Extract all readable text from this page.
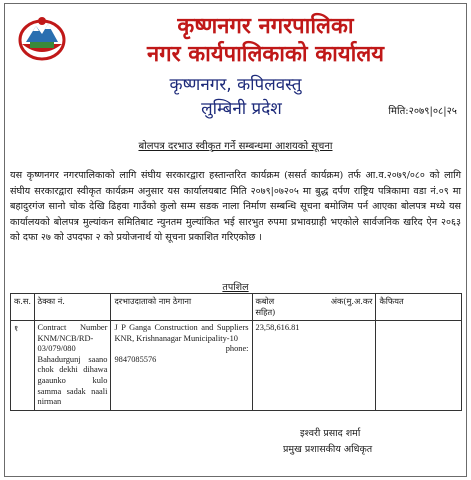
कृष्णनगर नगरपालिका
नगर कार्यपालिकाको कार्यालय
कृष्णनगर, कपिलवस्तु
लुम्बिनी प्रदेश	मिति:२०७९|०८|२५
बोलपत्र दरभाउ स्वीकृत गर्ने सम्बन्धमा आशयको सूचना

यस कृष्णनगर नगरपालिकाको लागि संघीय सरकारद्वारा हस्तान्तरित कार्यक्रम (ससर्त कार्यक्रम) तर्फ आ.व.२०७९/०८० को लागि संघीय सरकारद्वारा स्वीकृत कार्यक्रम अनुसार यस कार्यालयबाट मिति २०७९|०७२०५ मा बुद्ध दर्पण राष्ट्रिय पत्रिकामा वडा नं.०९ मा बहादुरगंज सानो चोक देखि ढिहवा गाउँको कुलो सम्म सडक नाला निर्माण सम्बन्धि सूचना बमोजिम पर्न आएका बोलपत्र मध्ये यस कार्यालयको बोलपत्र मुल्यांकन समितिबाट न्युनतम मुल्यांकित भई सारभुत रुपमा प्रभावग्राही भएकोले सार्वजनिक खरिद ऐन २०६३ को दफा २७ को उपदफा २ को प्रयोजनार्थ यो सूचना प्रकाशित गरिएकोछ ।

तपशिल
क.स.	ठेक्का नं.	दरभाउदाताको नाम ठेगाना	कबोल अंक(मु.अ.कर
सहित)	कैफियत
१	Contract Number KNM/NCB/RD-03/079/080 Bahadurgunj saano chok dekhi dihawa gaaunko kulo samma sadak naali nirman	J P Ganga Construction and Suppliers KNR, Krishnanagar Municipality-10
phone:
9847085576	23,58,616.81	
इश्वरी प्रसाद शर्मा
प्रमुख प्रशासकीय अधिकृत
